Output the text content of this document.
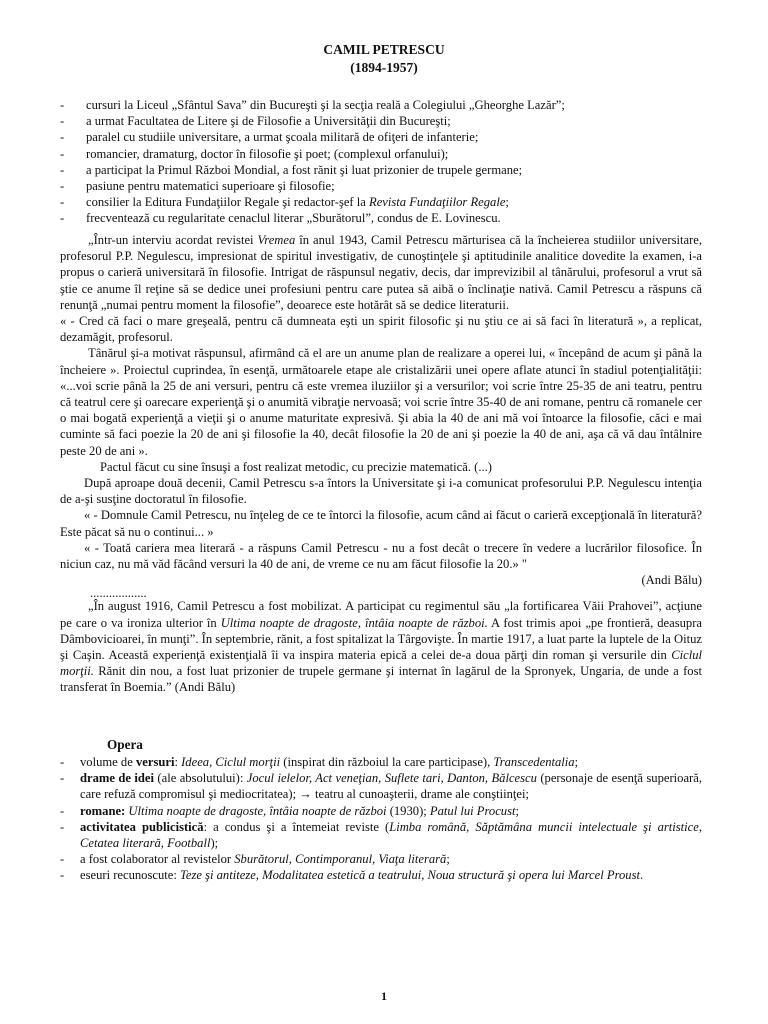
CAMIL PETRESCU
(1894-1957)
-	cursuri la Liceul „Sfântul Sava” din Bucureşti şi la secţia reală a Colegiului „Gheorghe Lazăr”;
-	a urmat Facultatea de Litere şi de Filosofie a Universităţii din Bucureşti;
-	paralel cu studiile universitare, a urmat şcoala militară de ofiţeri de infanterie;
-	romancier, dramaturg, doctor în filosofie şi poet; (complexul orfanului);
-	a participat la Primul Război Mondial, a fost rănit şi luat prizonier de trupele germane;
-	pasiune pentru matematici superioare şi filosofie;
-	consilier la Editura Fundaţiilor Regale şi redactor-şef la Revista Fundaţiilor Regale;
-	frecventează cu regularitate cenaclul literar „Sburătorul”, condus de E. Lovinescu.

„Într-un interviu acordat revistei Vremea în anul 1943, Camil Petrescu mărturisea că la încheierea studiilor universitare, profesorul P.P. Negulescu, impresionat de spiritul investigativ, de cunoştinţele şi aptitudinile analitice dovedite la examen, i-a propus o carieră universitară în filosofie. Intrigat de răspunsul negativ, decis, dar imprevizibil al tânărului, profesorul a vrut să ştie ce anume îl reţine să se dedice unei profesiuni pentru care putea să aibă o înclinaţie nativă. Camil Petrescu a răspuns că renunţă „numai pentru moment la filosofie”, deoarece este hotărât să se dedice literaturii.

« - Cred că faci o mare greşeală, pentru că dumneata eşti un spirit filosofic şi nu ştiu ce ai să faci în literatură », a replicat, dezamăgit, profesorul.

Tânărul şi-a motivat răspunsul, afirmând că el are un anume plan de realizare a operei lui, « începând de acum şi până la încheiere ». Proiectul cuprindea, în esenţă, următoarele etape ale cristalizării unei opere aflate atunci în stadiul potenţialităţii: «...voi scrie până la 25 de ani versuri, pentru că este vremea iluziilor şi a versurilor; voi scrie între 25-35 de ani teatru, pentru că teatrul cere şi oarecare experienţă şi o anumită vibraţie nervoasă; voi scrie între 35-40 de ani romane, pentru că romanele cer o mai bogată experienţă a vieţii şi o anume maturitate expresivă. Şi abia la 40 de ani mă voi întoarce la filosofie, căci e mai cuminte să faci poezie la 20 de ani şi filosofie la 40, decât filosofie la 20 de ani şi poezie la 40 de ani, aşa că vă dau întâlnire peste 20 de ani ».

Pactul făcut cu sine însuşi a fost realizat metodic, cu precizie matematică. (...)

După aproape două decenii, Camil Petrescu s-a întors la Universitate şi i-a comunicat profesorului P.P. Negulescu intenţia de a-şi susţine doctoratul în filosofie.

« - Domnule Camil Petrescu, nu înţeleg de ce te întorci la filosofie, acum când ai făcut o carieră excepţională în literatură? Este păcat să nu o continui... »

« - Toată cariera mea literară - a răspuns Camil Petrescu - nu a fost decât o trecere în vedere a lucrărilor filosofice. În niciun caz, nu mă văd făcând versuri la 40 de ani, de vreme ce nu am făcut filosofie la 20.» "

(Andi Bălu)

..................

„În august 1916, Camil Petrescu a fost mobilizat. A participat cu regimentul său „la fortificarea Văii Prahovei”, acţiune pe care o va ironiza ulterior în Ultima noapte de dragoste, întâia noapte de război. A fost trimis apoi „pe frontieră, deasupra Dâmbovicioarei, în munţi”. În septembrie, rănit, a fost spitalizat la Târgovişte. În martie 1917, a luat parte la luptele de la Oituz şi Caşin. Această experienţă existenţială îi va inspira materia epică a celei de-a doua părţi din roman şi versurile din Ciclul morţii. Rănit din nou, a fost luat prizonier de trupele germane şi internat în lagărul de la Spronyek, Ungaria, de unde a fost transferat în Boemia.” (Andi Bălu)

Opera
-	volume de versuri: Ideea, Ciclul morţii (inspirat din războiul la care participase), Transcedentalia;
-	drame de idei (ale absolutului): Jocul ielelor, Act veneţian, Suflete tari, Danton, Bălcescu (personaje de esenţă superioară, care refuză compromisul şi mediocritatea); → teatru al cunoaşterii, drame ale conştiinţei;
-	romane: Ultima noapte de dragoste, întâia noapte de război (1930); Patul lui Procust;
-	activitatea publicistică: a condus şi a întemeiat reviste (Limba română, Săptămâna muncii intelectuale şi artistice, Cetatea literară, Football);
-	a fost colaborator al revistelor Sburătorul, Contimporanul, Viaţa literară;
-	eseuri recunoscute: Teze şi antiteze, Modalitatea estetică a teatrului, Noua structură şi opera lui Marcel Proust.
1
